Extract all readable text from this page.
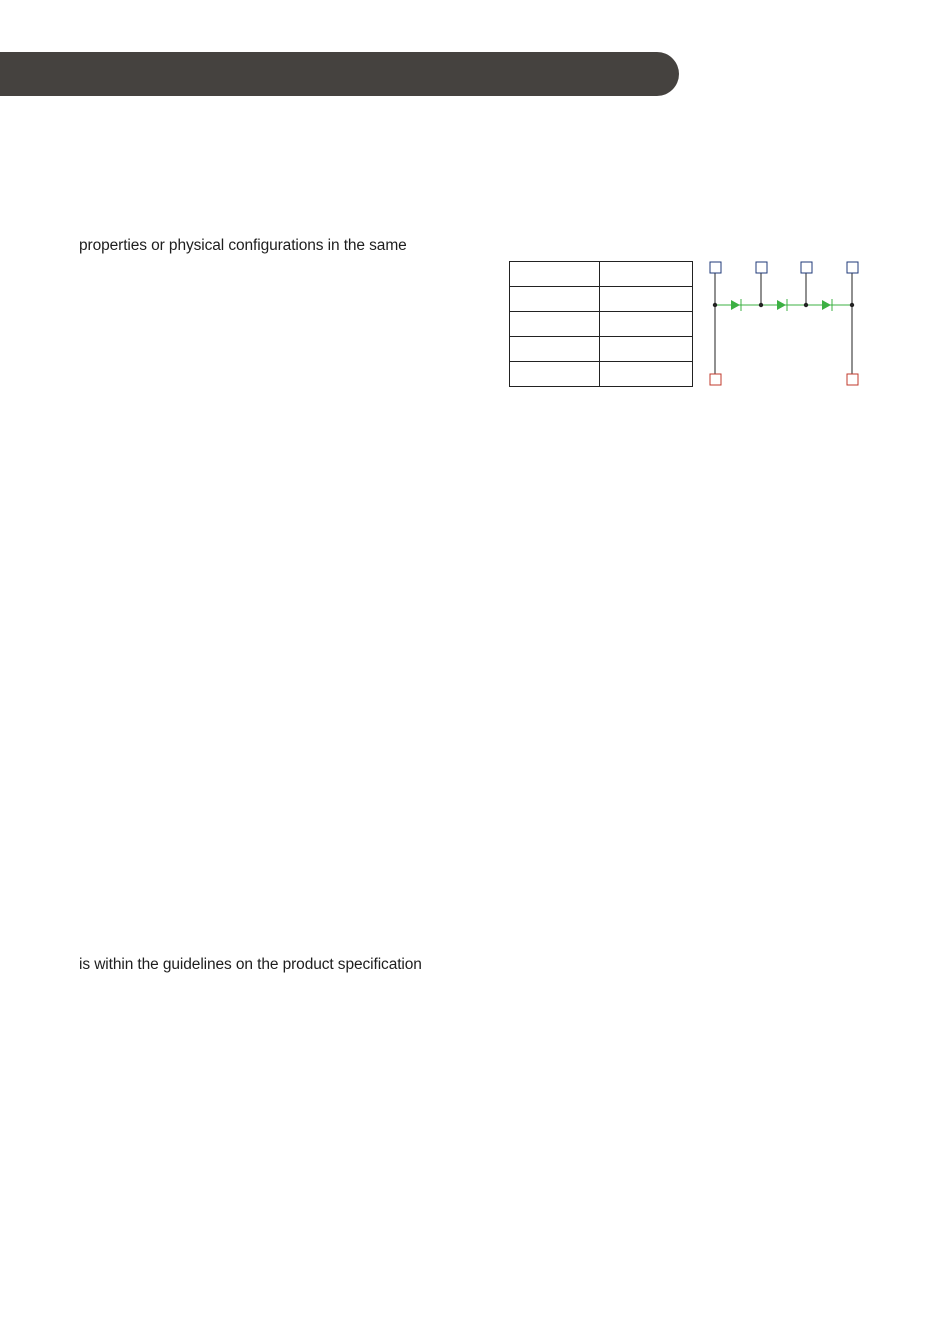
properties or physical configurations in the same

is within the guidelines on the product specification
